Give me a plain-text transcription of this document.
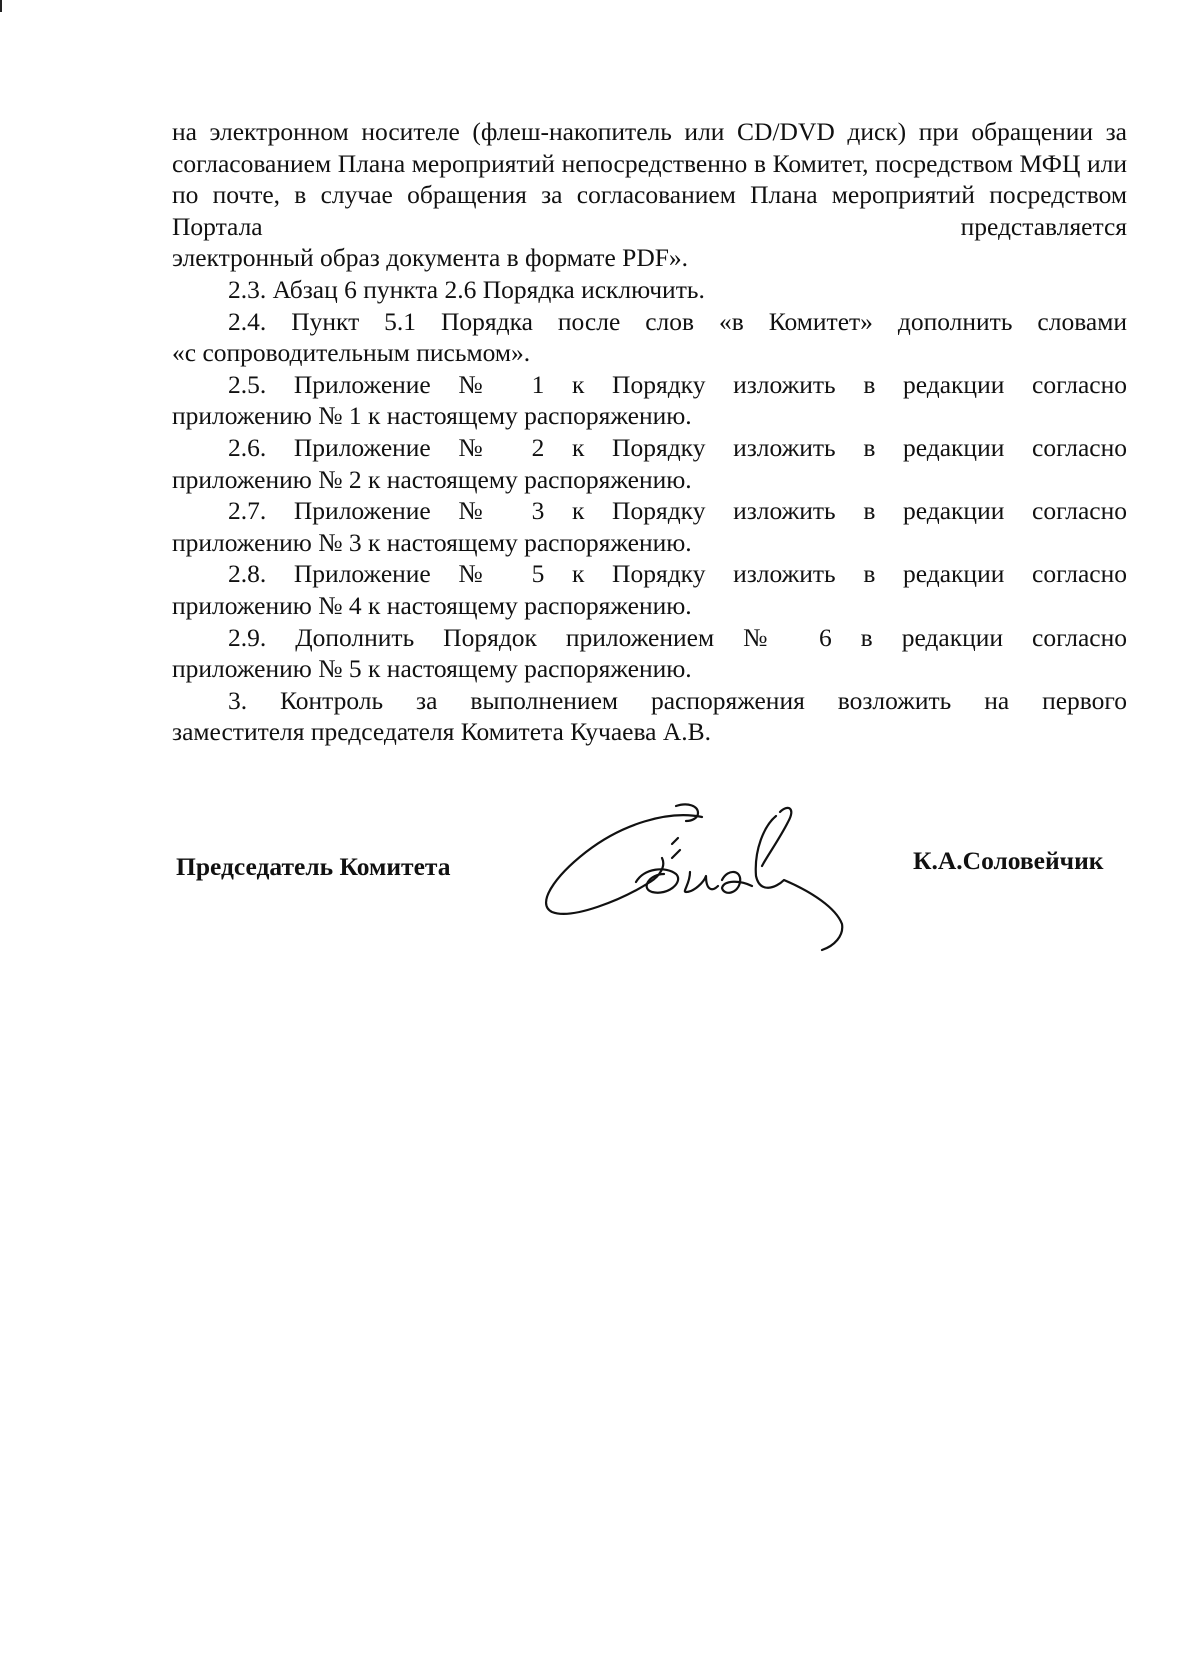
на электронном носителе (флеш-накопитель или CD/DVD диск) при обращении за согласованием Плана мероприятий непосредственно в Комитет, посредством МФЦ или по почте, в случае обращения за согласованием Плана мероприятий посредством Портала представляется

электронный образ документа в формате PDF».

2.3. Абзац 6 пункта 2.6 Порядка исключить.

2.4. Пункт 5.1 Порядка после слов «в Комитет» дополнить словами

«с сопроводительным письмом».

2.5. Приложение № 1 к Порядку изложить в редакции согласно

приложению № 1 к настоящему распоряжению.

2.6. Приложение № 2 к Порядку изложить в редакции согласно

приложению № 2 к настоящему распоряжению.

2.7. Приложение № 3 к Порядку изложить в редакции согласно

приложению № 3 к настоящему распоряжению.

2.8. Приложение № 5 к Порядку изложить в редакции согласно

приложению № 4 к настоящему распоряжению.

2.9. Дополнить Порядок приложением № 6 в редакции согласно

приложению № 5 к настоящему распоряжению.

3. Контроль за выполнением распоряжения возложить на первого

заместителя председателя Комитета Кучаева А.В.

Председатель Комитета	К.А.Соловейчик
